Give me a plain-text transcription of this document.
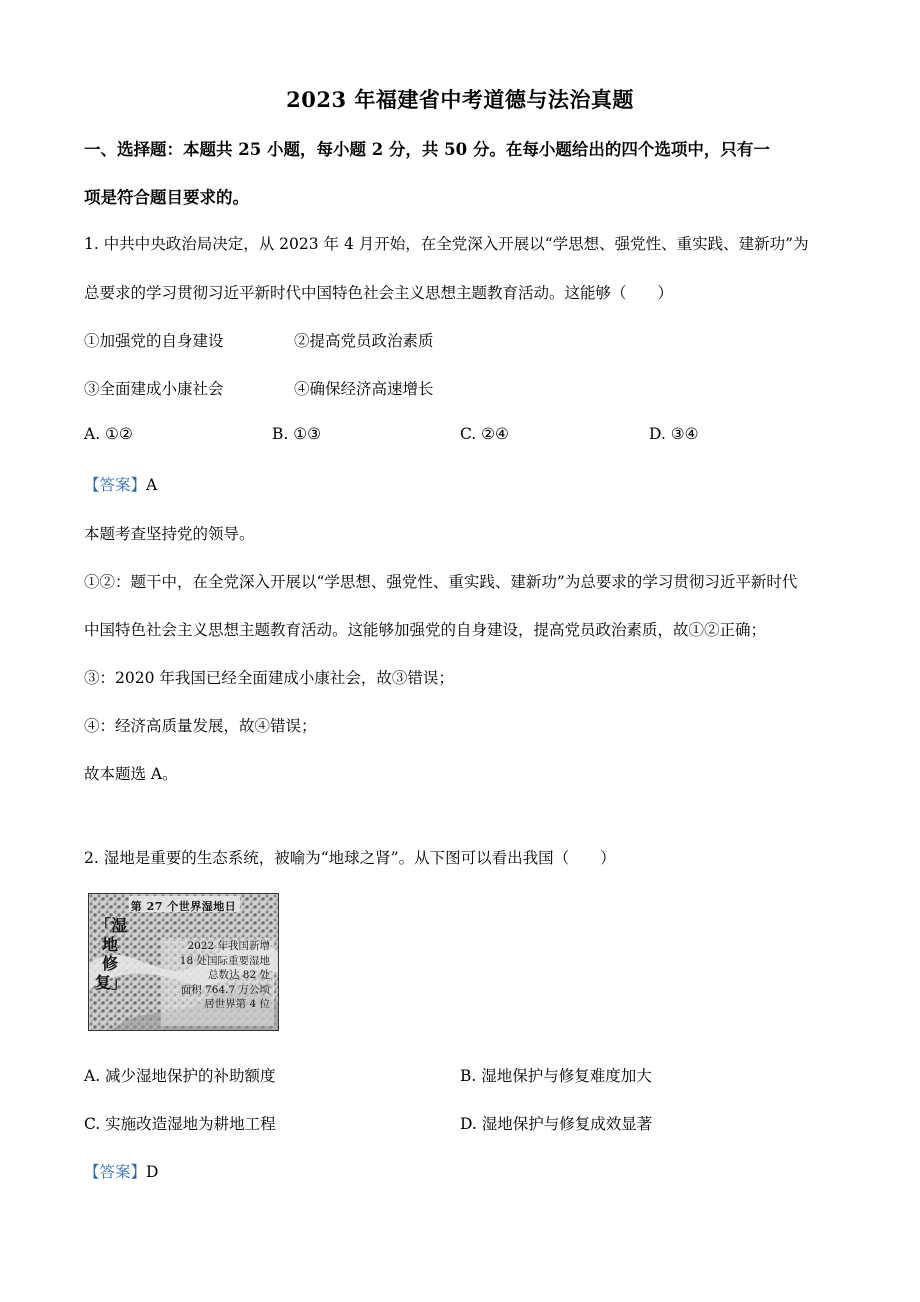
2023 年福建省中考道德与法治真题
一、选择题：本题共 25 小题，每小题 2 分，共 50 分。在每小题给出的四个选项中，只有一
项是符合题目要求的。
1. 中共中央政治局决定，从 2023 年 4 月开始，在全党深入开展以“学思想、强党性、重实践、建新功”为
总要求的学习贯彻习近平新时代中国特色社会主义思想主题教育活动。这能够（　　）
①加强党的自身建设	②提高党员政治素质
③全面建成小康社会	④确保经济高速增长
A. ①②	B. ①③	C. ②④	D. ③④
【答案】A
本题考查坚持党的领导。
①②：题干中，在全党深入开展以“学思想、强党性、重实践、建新功”为总要求的学习贯彻习近平新时代
中国特色社会主义思想主题教育活动。这能够加强党的自身建设，提高党员政治素质，故①②正确；
③：2020 年我国已经全面建成小康社会，故③错误；
④：经济高质量发展，故④错误；
故本题选 A。
2. 湿地是重要的生态系统，被喻为“地球之肾”。从下图可以看出我国（　　）
第 27 个世界湿地日
「湿地修复」
2022 年我国新增
18 处国际重要湿地
总数达 82 处
面积 764.7 万公顷
居世界第 4 位
A. 减少湿地保护的补助额度	B. 湿地保护与修复难度加大
C. 实施改造湿地为耕地工程	D. 湿地保护与修复成效显著
【答案】D
